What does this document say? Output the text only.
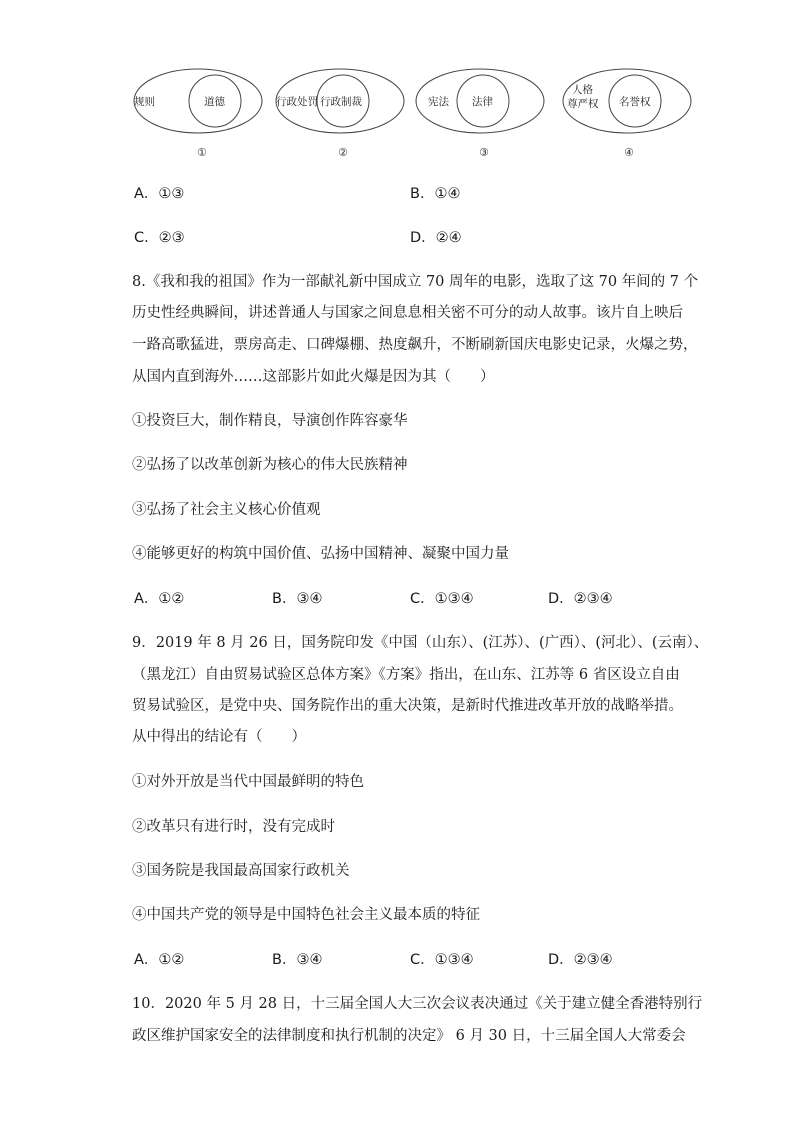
规则	道德
①
行政处罚 行政制裁
②
宪法 法律
③
人格
尊严权 名誉权
④
A．①③	B．①④
C．②③	D．②④
8.《我和我的祖国》作为一部献礼新中国成立 70 周年的电影，选取了这 70 年间的 7 个
历史性经典瞬间，讲述普通人与国家之间息息相关密不可分的动人故事。该片自上映后
一路高歌猛进，票房高走、口碑爆棚、热度飙升，不断刷新国庆电影史记录，火爆之势，
从国内直到海外……这部影片如此火爆是因为其（　　）
①投资巨大，制作精良，导演创作阵容豪华
②弘扬了以改革创新为核心的伟大民族精神
③弘扬了社会主义核心价值观
④能够更好的构筑中国价值、弘扬中国精神、凝聚中国力量
A．①②	B．③④	C．①③④	D．②③④
9．2019 年 8 月 26 日，国务院印发《中国（山东）、(江苏）、(广西）、(河北）、(云南）、
（黑龙江）自由贸易试验区总体方案》《方案》指出，在山东、江苏等 6 省区设立自由
贸易试验区，是党中央、国务院作出的重大决策，是新时代推进改革开放的战略举措。
从中得出的结论有（　　）
①对外开放是当代中国最鲜明的特色
②改革只有进行时，没有完成时
③国务院是我国最高国家行政机关
④中国共产党的领导是中国特色社会主义最本质的特征
A．①②	B．③④	C．①③④	D．②③④
10．2020 年 5 月 28 日，十三届全国人大三次会议表决通过《关于建立健全香港特别行
政区维护国家安全的法律制度和执行机制的决定》 6 月 30 日，十三届全国人大常委会
